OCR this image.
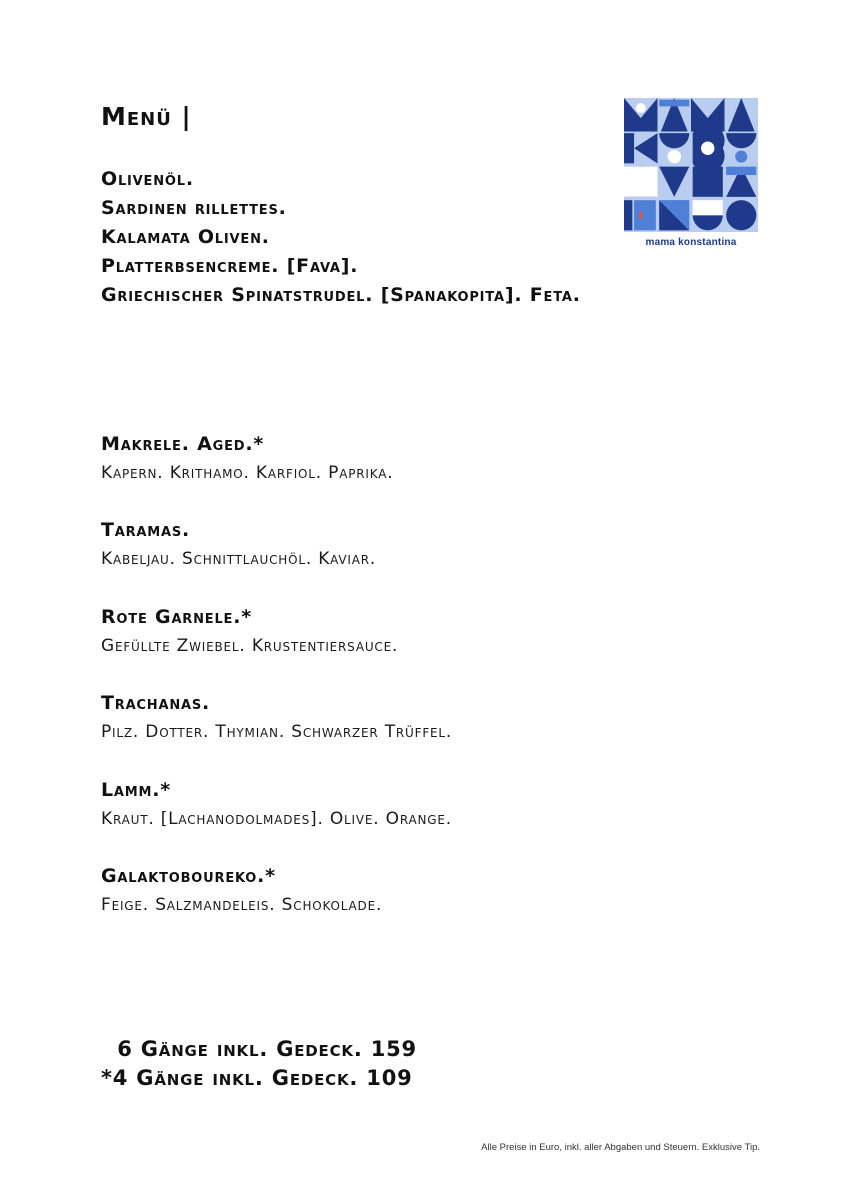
Menü |
Olivenöl.
Sardinen rillettes.
Kalamata Oliven.
Platterbsencreme. [Fava].
Griechischer Spinatstrudel. [Spanakopita]. Feta.
Makrele. Aged.*
Kapern. Krithamo. Karfiol. Paprika.
Taramas.
Kabeljau. Schnittlauchöl. Kaviar.
Rote Garnele.*
Gefüllte Zwiebel. Krustentiersauce.
Trachanas.
Pilz. Dotter. Thymian. Schwarzer Trüffel.
Lamm.*
Kraut. [Lachanodolmades]. Olive. Orange.
Galaktoboureko.*
Feige. Salzmandeleis. Schokolade.
6 Gänge inkl. Gedeck. 159
*4 Gänge inkl. Gedeck. 109
Alle Preise in Euro, inkl. aller Abgaben und Steuern. Exklusive Tip.
mama konstantina
